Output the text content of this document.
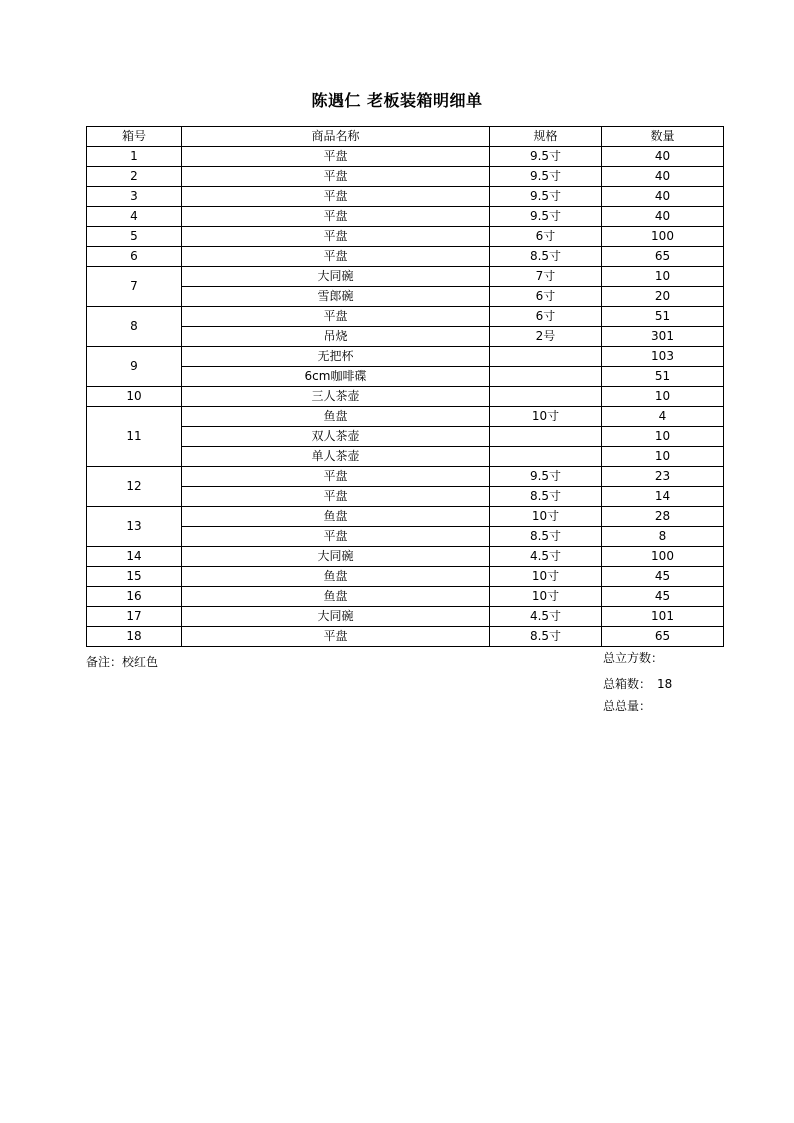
陈遇仁 老板装箱明细单
箱号	商品名称	规格	数量
1	平盘	9.5寸	40
2	平盘	9.5寸	40
3	平盘	9.5寸	40
4	平盘	9.5寸	40
5	平盘	6寸	100
6	平盘	8.5寸	65
7	大同碗	7寸	10
	雪郎碗	6寸	20
8	平盘	6寸	51
	吊烧	2号	301
9	无把杯		103
	6cm咖啡碟		51
10	三人茶壶		10
11	鱼盘	10寸	4
	双人茶壶		10
	单人茶壶		10
12	平盘	9.5寸	23
	平盘	8.5寸	14
13	鱼盘	10寸	28
	平盘	8.5寸	8
14	大同碗	4.5寸	100
15	鱼盘	10寸	45
16	鱼盘	10寸	45
17	大同碗	4.5寸	101
18	平盘	8.5寸	65
备注：校红色	总立方数：
总箱数： 18
总总量：
